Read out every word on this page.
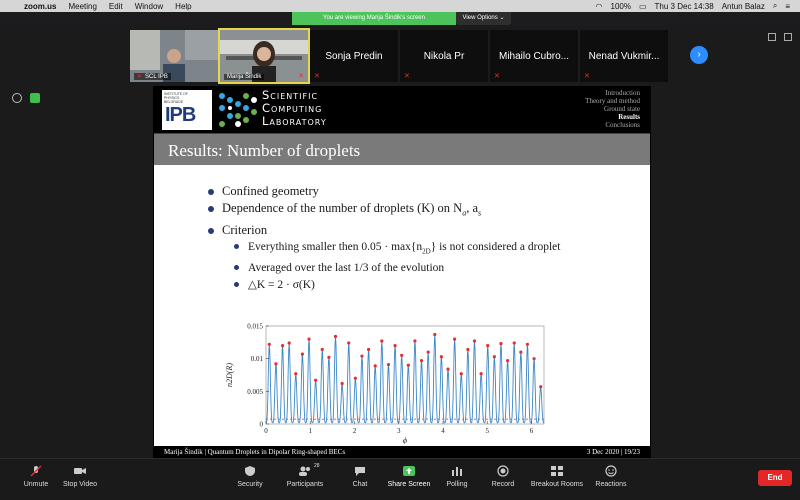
zoom.us Meeting Edit Window Help	◠ 100% ▭ Thu 3 Dec 14:38 Antun Balaz ⌕ ≡
You are viewing Marija Šindik's screen	View Options ⌄
✕ SCL IPB	Marija Šindik	✕
Sonja Predin
✕
Nikola Pr
✕
Mihailo Cubro...
✕
Nenad Vukmir...
✕
›
INSTITUTE OF PHYSICS BELGRADE
IPB
Scientific
Computing
Laboratory
Introduction
Theory and method
Ground state
Results
Conclusions
Results: Number of droplets
Confined geometry
Dependence of the number of droplets (K) on $N_a$, $a_s$
Criterion
Everything smaller then $0.05 \cdot \max\{n_{2D}\}$ is not considered a droplet
Averaged over the last 1/3 of the evolution
△K = 2 · σ(K)
0	1	2	3	4	5	6
0
0.005
0.01
0.015
ϕ
n2D(R)
Marija Šindik | Quantum Droplets in Dipolar Ring-shaped BECs	3 Dec 2020 | 19/23
Unmute	Stop Video	Security	Participants
28
Chat	Share Screen	Polling	Record	Breakout Rooms	Reactions
End
